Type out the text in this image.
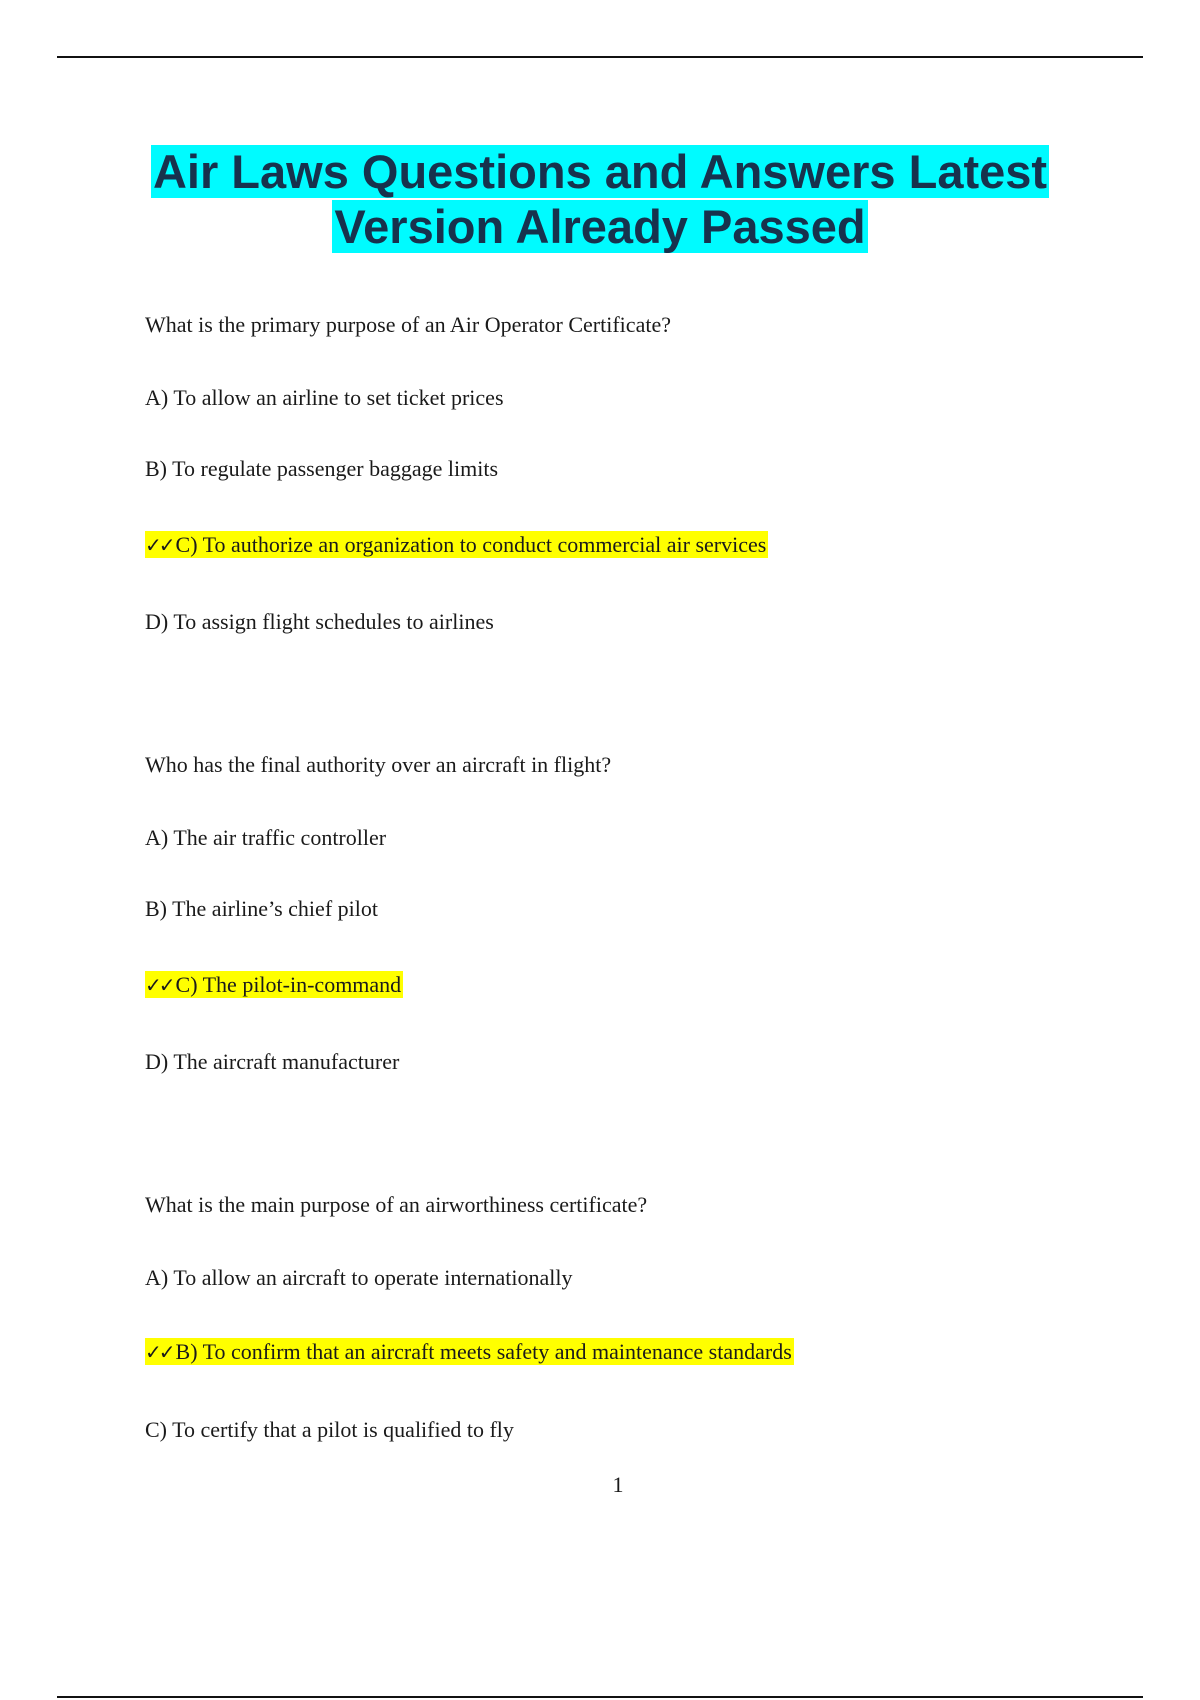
Air Laws Questions and Answers Latest
Version Already Passed
What is the primary purpose of an Air Operator Certificate?
A) To allow an airline to set ticket prices
B) To regulate passenger baggage limits
✓✓ C) To authorize an organization to conduct commercial air services
D) To assign flight schedules to airlines
Who has the final authority over an aircraft in flight?
A) The air traffic controller
B) The airline’s chief pilot
✓✓ C) The pilot-in-command
D) The aircraft manufacturer
What is the main purpose of an airworthiness certificate?
A) To allow an aircraft to operate internationally
✓✓ B) To confirm that an aircraft meets safety and maintenance standards
C) To certify that a pilot is qualified to fly
1
